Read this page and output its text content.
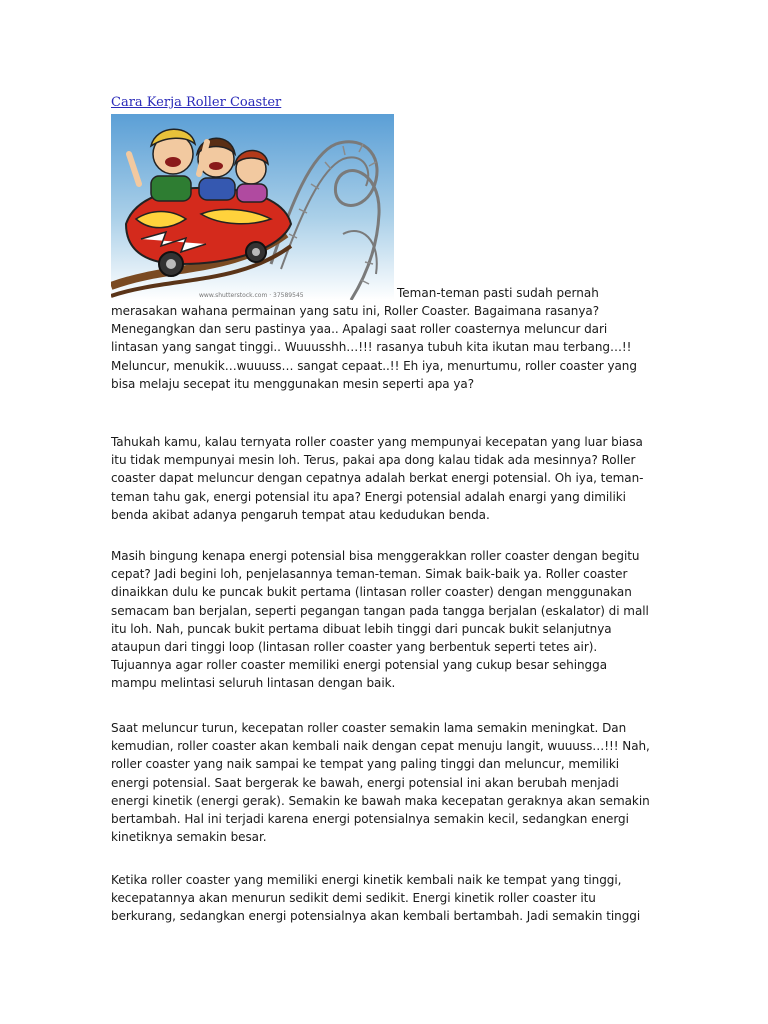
Cara Kerja Roller Coaster
www.shutterstock.com · 37589545	Teman-teman pasti sudah pernah

merasakan wahana permainan yang satu ini, Roller Coaster. Bagaimana rasanya? Menegangkan dan seru pastinya yaa.. Apalagi saat roller coasternya meluncur dari lintasan yang sangat tinggi.. Wuuusshh…!!! rasanya tubuh kita ikutan mau terbang…!! Meluncur, menukik…wuuuss… sangat cepaat..!! Eh iya, menurtumu, roller coaster yang bisa melaju secepat itu menggunakan mesin seperti apa ya?

Tahukah kamu, kalau ternyata roller coaster yang mempunyai kecepatan yang luar biasa itu tidak mempunyai mesin loh. Terus, pakai apa dong kalau tidak ada mesinnya? Roller coaster dapat meluncur dengan cepatnya adalah berkat energi potensial. Oh iya, teman-teman tahu gak, energi potensial itu apa? Energi potensial adalah enargi yang dimiliki benda akibat adanya pengaruh tempat atau kedudukan benda.

Masih bingung kenapa energi potensial bisa menggerakkan roller coaster dengan begitu cepat? Jadi begini loh, penjelasannya teman-teman. Simak baik-baik ya. Roller coaster dinaikkan dulu ke puncak bukit pertama (lintasan roller coaster) dengan menggunakan semacam ban berjalan, seperti pegangan tangan pada tangga berjalan (eskalator) di mall itu loh. Nah, puncak bukit pertama dibuat lebih tinggi dari puncak bukit selanjutnya ataupun dari tinggi loop (lintasan roller coaster yang berbentuk seperti tetes air). Tujuannya agar roller coaster memiliki energi potensial yang cukup besar sehingga mampu melintasi seluruh lintasan dengan baik.

Saat meluncur turun, kecepatan roller coaster semakin lama semakin meningkat. Dan kemudian, roller coaster akan kembali naik dengan cepat menuju langit, wuuuss…!!! Nah, roller coaster yang naik sampai ke tempat yang paling tinggi dan meluncur, memiliki energi potensial. Saat bergerak ke bawah, energi potensial ini akan berubah menjadi energi kinetik (energi gerak). Semakin ke bawah maka kecepatan geraknya akan semakin bertambah. Hal ini terjadi karena energi potensialnya semakin kecil, sedangkan energi kinetiknya semakin besar.

Ketika roller coaster yang memiliki energi kinetik kembali naik ke tempat yang tinggi, kecepatannya akan menurun sedikit demi sedikit. Energi kinetik roller coaster itu berkurang, sedangkan energi potensialnya akan kembali bertambah. Jadi semakin tinggi
